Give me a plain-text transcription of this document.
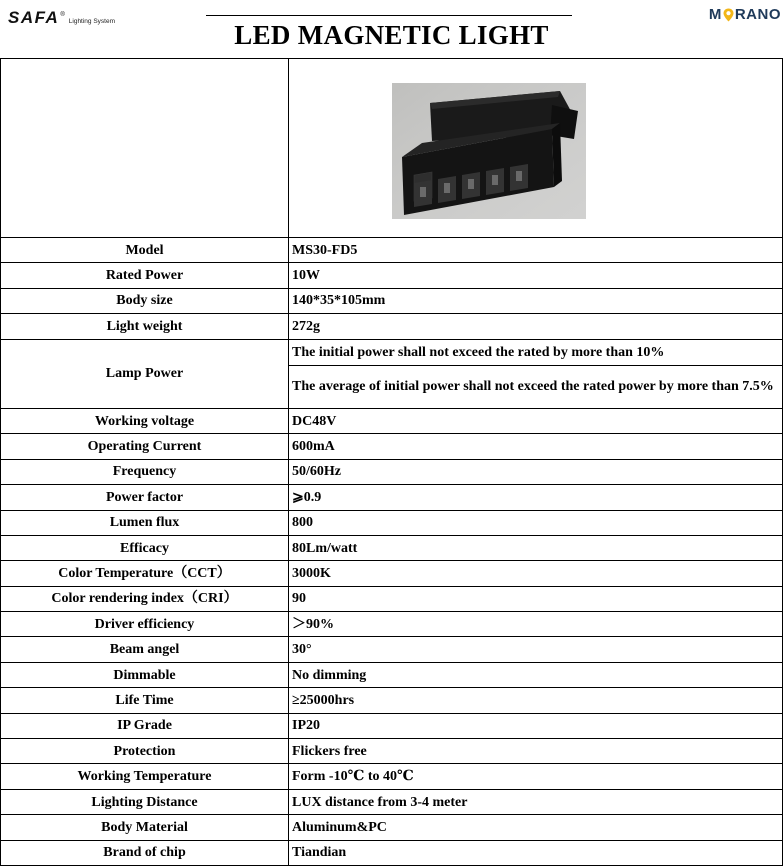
SAFA ®
Lighting System	M RANO
LED MAGNETIC LIGHT

Model	MS30-FD5
Rated Power	10W
Body size	140*35*105mm
Light weight	272g
Lamp Power	The initial power shall not exceed the rated by more than 10%
	The average of initial power shall not exceed the rated power by more than 7.5%
Working voltage	DC48V
Operating Current	600mA
Frequency	50/60Hz
Power factor	⩾0.9
Lumen flux	800
Efficacy	80Lm/watt
Color Temperature（CCT）	3000K
Color rendering index（CRI）	90
Driver efficiency	＞90%
Beam angel	30°
Dimmable	No dimming
Life Time	≥25000hrs
IP Grade	IP20
Protection	Flickers free
Working Temperature	Form -10℃ to 40℃
Lighting Distance	LUX distance from 3-4 meter
Body Material	Aluminum&PC
Brand of chip	Tiandian
